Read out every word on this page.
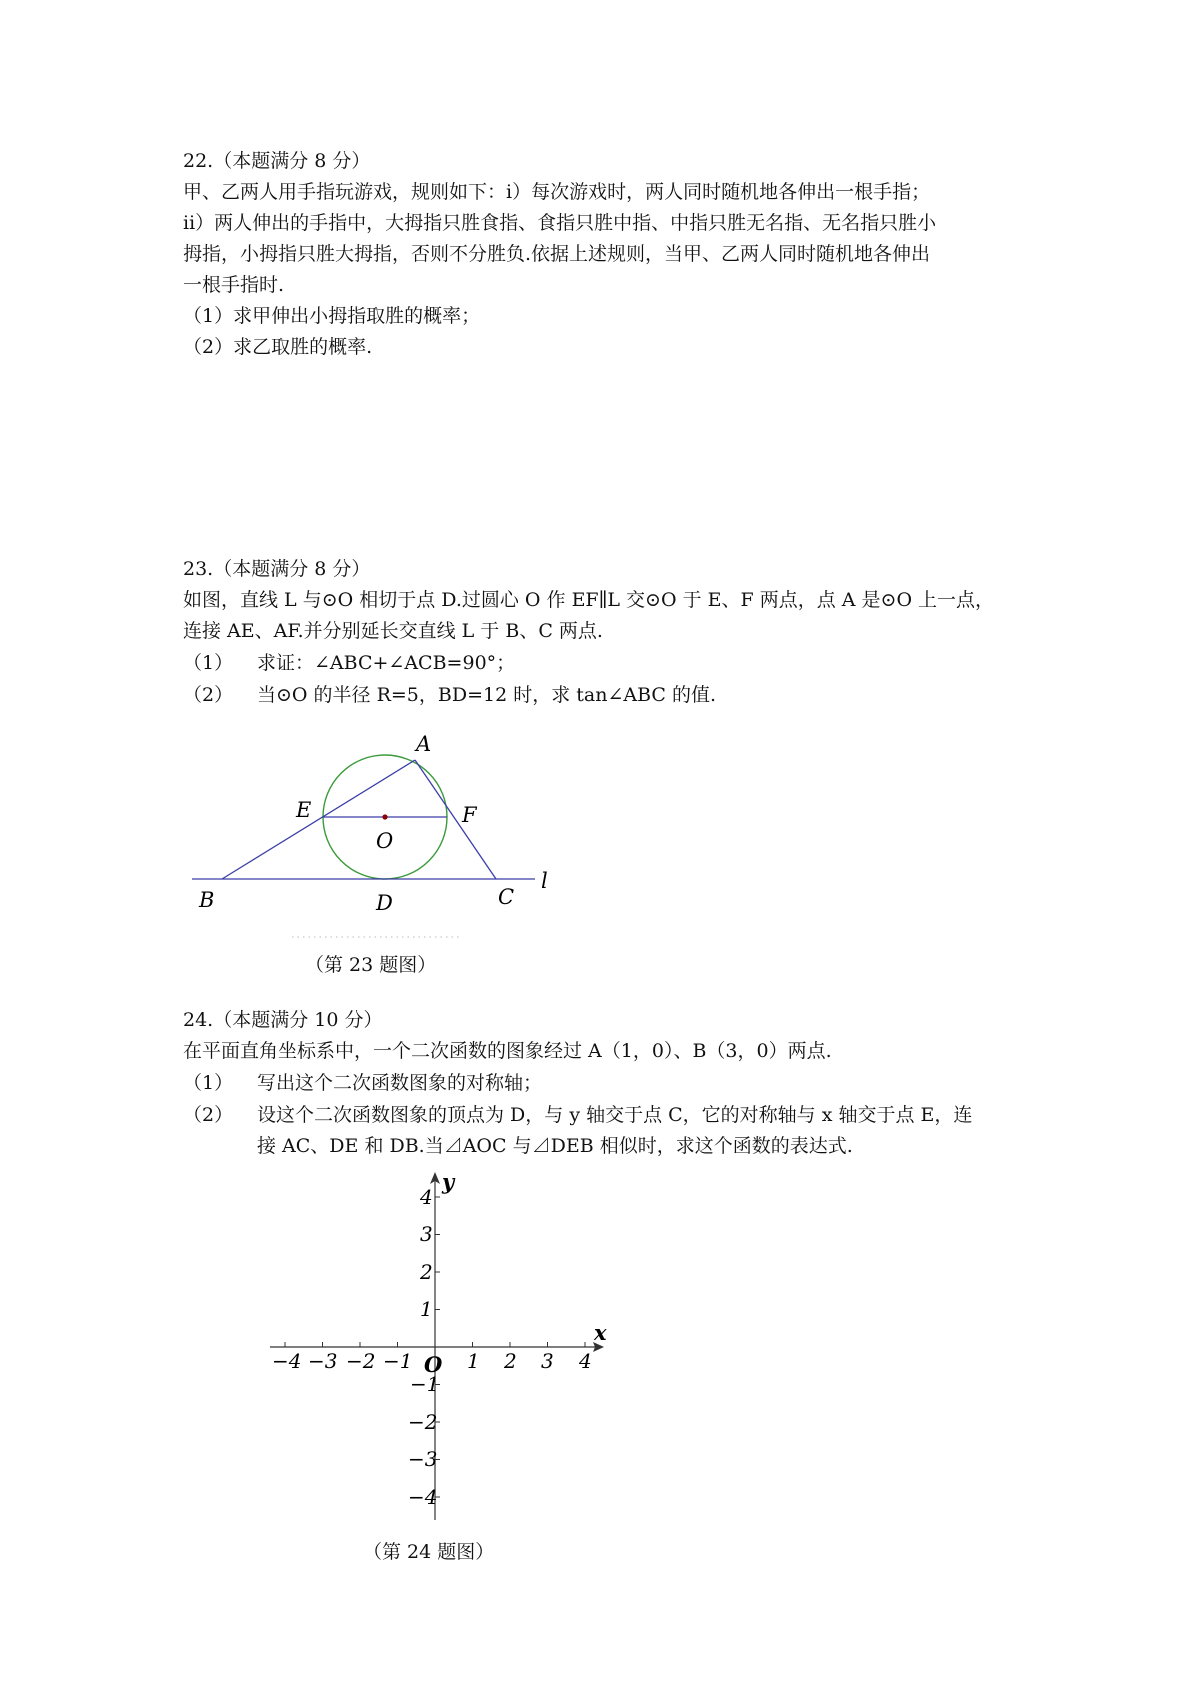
22.（本题满分 8 分）
甲、乙两人用手指玩游戏，规则如下：ⅰ）每次游戏时，两人同时随机地各伸出一根手指；
ⅱ）两人伸出的手指中，大拇指只胜食指、食指只胜中指、中指只胜无名指、无名指只胜小
拇指，小拇指只胜大拇指，否则不分胜负.依据上述规则，当甲、乙两人同时随机地各伸出
一根手指时.
（1）求甲伸出小拇指取胜的概率；
（2）求乙取胜的概率.
23.（本题满分 8 分）
如图，直线 L 与⊙O 相切于点 D.过圆心 O 作 EF∥L 交⊙O 于 E、F 两点，点 A 是⊙O 上一点，
连接 AE、AF.并分别延长交直线 L 于 B、C 两点.
（1） 求证：∠ABC+∠ACB=90°；
（2） 当⊙O 的半径 R=5，BD=12 时，求 tan∠ABC 的值.
A
E	F
O
B	D	C
l
（第 23 题图）
24.（本题满分 10 分）
在平面直角坐标系中，一个二次函数的图象经过 A（1，0）、B（3，0）两点.
（1） 写出这个二次函数图象的对称轴；
（2） 设这个二次函数图象的顶点为 D，与 y 轴交于点 C，它的对称轴与 x 轴交于点 E，连
接 AC、DE 和 DB.当⊿AOC 与⊿DEB 相似时，求这个函数的表达式.
−4 −3 −2 −1	1 2 3 4
O
x
y
4
3
2
1
−1
−2
−3
−4
（第 24 题图）
